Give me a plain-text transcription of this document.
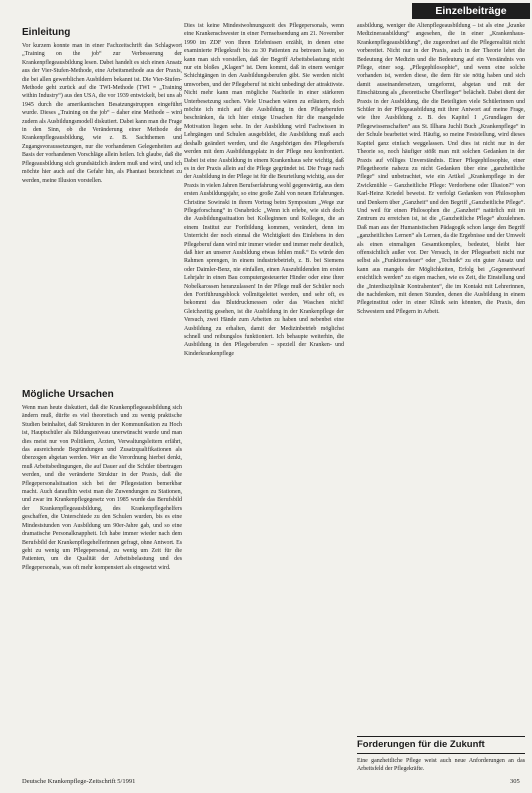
Einzelbeiträge
Einleitung

Vor kurzem konnte man in einer Fachzeitschrift das Schlagwort „Training on the job“ zur Verbesserung der Krankenpflegeausbildung lesen. Dabei handelt es sich einen Ansatz aus der Vier-Stufen-Methode, eine Arbeitsmethode aus der Praxis, die bei allen gewerblichen Ausbildern bekannt ist. Die Vier-Stufen-Methode geht zurück auf die TWI-Methode (TWI = „Training within Industry“) aus den USA, die vor 1939 entwickelt, bei uns ab 1945 durch die amerikanischen Besatzungstruppen eingeführt wurde. Dieses „Training on the job“ – daher eine Methode – wird zudem als Ausbildungsmodell diskutiert. Dabei kann man die Frage in den Sinn, ob die Veränderung einer Methode der Krankenpflegeausbildung, wie z. B. Sachthemen und Zugangsvoraussetzungen, nur die vorhandenen Gelegenheiten auf Basis der vorhandenen Vorschläge allein heilen. Ich glaube, daß die Pflegeausbildung sich grundsätzlich ändern muß und wird, und ich möchte hier auch auf die Gefahr hin, als Phantast bezeichnet zu werden, meine Illusion vorstellen.

Mögliche Ursachen

Wenn man heute diskutiert, daß die Krankenpflegeausbildung sich ändern muß, dürfte es viel theoretisch und zu wenig praktische Studien beinhaltet, daß Strukturen in der Kommunikation zu Hoch ist, Hauptschüler als Bildungsniveau unerwünscht wurde und man dies meist nur von Politikern, Ärzten, Verwaltungsleitern erfährt, das ausreichende Begründungen und Zusatzqualifikationen als überzogen abgetan werden. Wer an die Verordnung hierbei denkt, muß Arbeitsbedingungen, die auf Dauer auf die Schüler übertragen werden, und die veränderte Struktur in der Praxis, daß die Pflegepersonalsituation sich bei der Pflegestation bemerkbar macht. Auch daraufhin weist man die Zuwendungen zu Stationen, und zwar im Krankenpflegegesetz von 1985 wurde das Berufsbild der Krankenpflegeausbildung, des Krankenpflegehelfers geschaffen, die Unterschiede zu den Schulen wurden, bis es eine Mindeststunden von Ausbildung um 90er-Jahre gab, und so eine dramatische Personalknappheit. Ich habe immer wieder nach dem Berufsbild der Krankenpflegehelferinnen gefragt, ohne Antwort. Es geht zu wenig um Pflegepersonal, zu wenig um Zeit für die Patienten, um die Qualität der Arbeitsbelastung und des Pflegepersonals, was oft mehr kompensiert als eingesetzt wird.

Dies ist keine Mindestwohnungszeit des Pflegepersonals, wenn eine Krankenschwester in einer Fernsehsendung am 21. November 1990 im ZDF von Ihren Erlebnissen erzählt, in denen eine examinierte Pflegekraft bis zu 30 Patienten zu betreuen hatte, so kann man sich vorstellen, daß der Begriff Arbeitsbelastung nicht nur ein bloßes „Klagen“ ist. Dem kommt, daß in einem weniger Schichtgängen in den Ausbildungsberufen gibt. Sie werden nicht umworben, und der Pflegeberuf ist nicht unbedingt der attraktivste. Nicht mehr kann man mögliche Nachteile in einer stärkeren Unterbesetzung suchen. Viele Ursachen wären zu erläutern, doch möchte ich mich auf die Ausbildung in den Pflegeberufen beschränken, da ich hier einige Ursachen für die mangelnde Motivation liegen sehe. In der Ausbildung wird Fachwissen in Lehrgängen und Schulen ausgebildet, die Ausbildung muß auch deshalb geändert werden, und die Angehörigen des Pflegeberufs werden mit dem Ausbildungsplatz in der Pflege neu konfrontiert. Dabei ist eine Ausbildung in einem Krankenhaus sehr wichtig, daß es in der Praxis allein auf die Pflege gegründet ist. Die Frage nach der Ausbildung in der Pflege ist für die Beurteilung wichtig, aus der Praxis in vielen Jahren Berufserfahrung wohl gegenwärtig, aus dem ersten Ausbildungsjahr, so eine große Zahl von neuen Erfahrungen. Christine Sowinski in ihrem Vortrag beim Symposium „Wege zur Pflegeforschung“ in Osnabrück: „Wenn ich erlebe, wie sich doch die Ausbildungssituation bei Kolleginnen und Kollegen, die an einem Institut zur Fortbildung kommen, verändert, denn im Unterricht der noch einmal die Wichtigkeit des Einlebens in den Pflegeberuf dann wird mir immer wieder und immer mehr deutlich, daß hier an unserer Ausbildung etwas fehlen muß.“ Es würde den Rahmen sprengen, in einem industriebetrieb, z. B. bei Siemens oder Daimler-Benz, nie einfallen, einen Auszubildenden im ersten Lehrjahr in einen Bau computergesteuerter Hinder oder eine ihrer Nobelkarossen heranzulassen! In der Pflege muß der Schüler noch den Fortführungsblock vollmitgeleitet werden, und sehr oft, es bekommt das Blutdruckmessen oder das Waschen nicht! Gleichzeitig gesehen, ist die Ausbildung in der Krankenpflege der Versuch, zwei Hände zum Arbeiten zu haben und nebenbei eine Ausbildung zu erhalten, damit der Medizinbetrieb möglichst schnell und reibungslos funktioniert. Ich behaupte weiterhin, die Ausbildung in den Pflegeberufen – speziell der Kranken- und Kinderkrankenpflege

ausbildung, weniger die Altenpflegeausbildung – ist als eine „kranke Medizinerausbildung“ angesehen, die in einer „Krankenhaus-Krankenpflegeausbildung“, die zugeordnet auf die Pflegerealität nicht vorbereitet. Nicht nur in der Praxis, auch in der Theorie lehrt die Bedeutung der Medizin und die Bedeutung auf ein Verständnis von Pflege, einer sog. „Pflegephilosophie“, und wenn eine solche vorhanden ist, werden diese, die dem für sie nötig haben und sich damit auseinandersetzen, umgeformt, abgetan und mit der Einschätzung als „theoretische Überflieger“ belächelt. Dabei dient der Praxis in der Ausbildung, die die Beteiligten viele Schülerinnen und Schüler in der Pflegeausbildung mit ihrer Antwort auf meine Frage, wie ihre Ausbildung z. B. des Kapitel I „Grundlagen der Pflegewissenschaften“ aus St. Illhans Juchli Buch „Krankenpflege“ in der Schule bearbeitet wird. Häufig, so meine Feststellung, wird dieses Kapitel ganz einfach weggelassen. Und dies ist nicht nur in der Theorie so, noch häufiger stößt man mit solchen Gedanken in der Praxis auf völliges Unverständnis. Einer Pflegephilosophie, einer Pflegetheorie nahezu zu nicht Gedanken über eine „ganzheitliche Pflege“ sind unbetrachtet, wie ein Artikel „Krankenpflege in der Zwickmühle – Ganzheitliche Pflege: Verdorbene oder Illusion?“ von Karl-Heinz Kriedel beweist. Er verfolgt Gedanken von Philosophen und Denkern über „Ganzheit“ und den Begriff „Ganzheitliche Pflege“. Und weil für einen Philosophen die „Ganzheit“ natürlich mit im Zentrum zu erreichen ist, ist die „Ganzheitliche Pflege“ abzulehnen. Daß man aus der Humanistischen Pädagogik schon lange den Begriff „ganzheitliches Lernen“ als Lernen, da die Ergebnisse und der Umwelt als einen einmaligen Gesamtkomplex, bedeutet, bleibt hier offensichtlich außer vor. Der Versuch, in der Pflegearbeit nicht nur selbst als „Funktionsfeuer“ oder „Technik“ zu ein guter Ansatz und kann aus mangels der Möglichkeiten, Erfolg bei „Gegenentwurf ersichtlich werden“ zu eigen machen, wie es Zeit, die Einstellung und die „Interdisziplinär Kontrahenten“, die im Kontakt mit Lehrerinnen, die nachdenken, mit denen Stunden, denen die Ausbildung in einem Pflegeinstitut oder in einer Klinik sein könnten, die Praxis, den Schwestern und Pflegern in Arbeit.

Forderungen für die Zukunft

Eine ganzheitliche Pflege weist auch neue Anforderungen an das Arbeitsfeld der Pflegekräfte.

Deutsche Krankenpflege-Zeitschrift 5/1991	305
